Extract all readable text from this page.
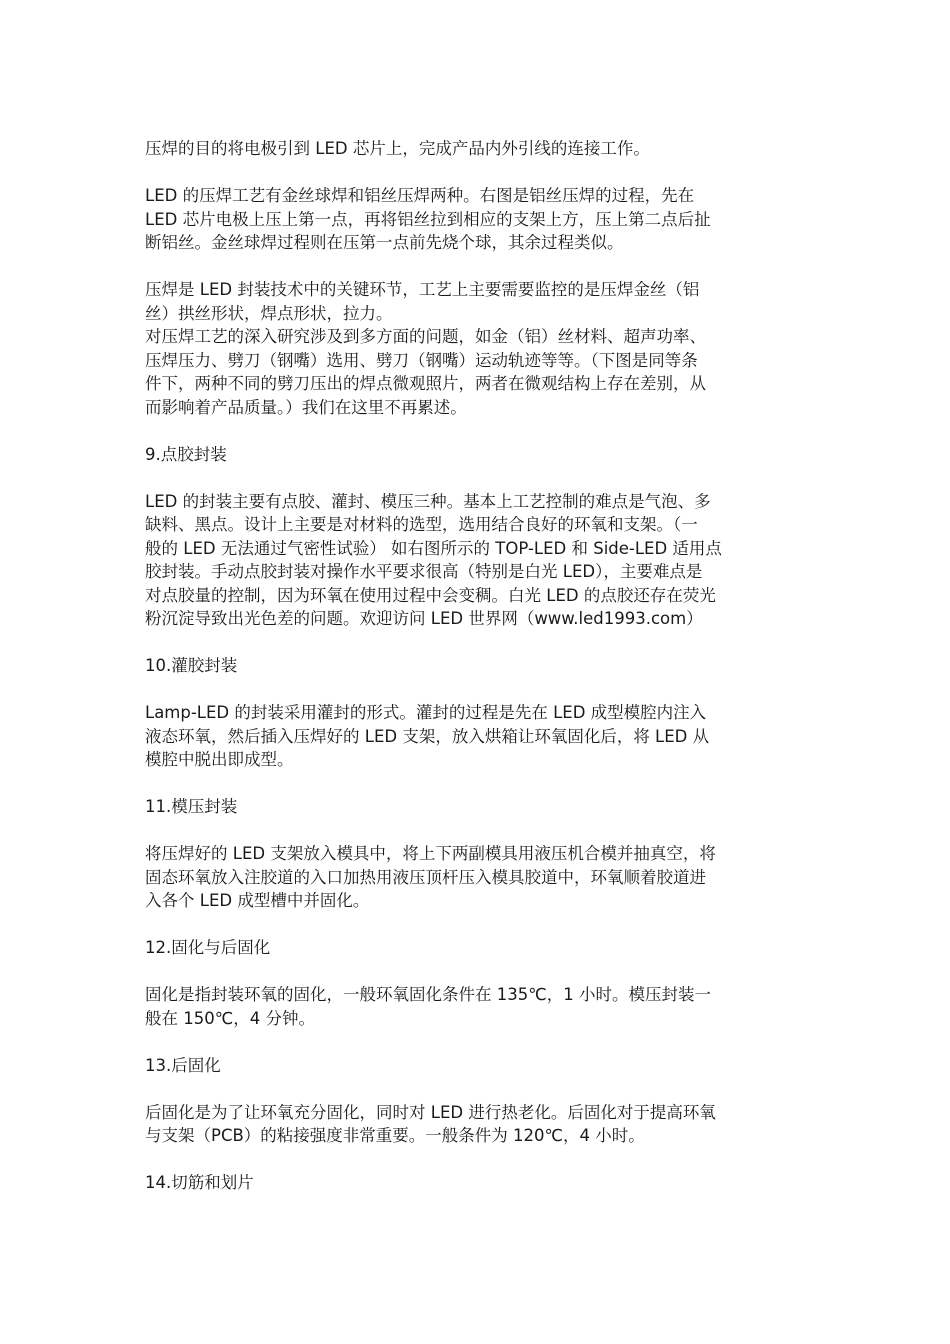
压焊的目的将电极引到 LED 芯片上，完成产品内外引线的连接工作。

LED 的压焊工艺有金丝球焊和铝丝压焊两种。右图是铝丝压焊的过程，先在
LED 芯片电极上压上第一点，再将铝丝拉到相应的支架上方，压上第二点后扯
断铝丝。金丝球焊过程则在压第一点前先烧个球，其余过程类似。

压焊是 LED 封装技术中的关键环节，工艺上主要需要监控的是压焊金丝（铝
丝）拱丝形状，焊点形状，拉力。

对压焊工艺的深入研究涉及到多方面的问题，如金（铝）丝材料、超声功率、
压焊压力、劈刀（钢嘴）选用、劈刀（钢嘴）运动轨迹等等。（下图是同等条
件下，两种不同的劈刀压出的焊点微观照片，两者在微观结构上存在差别，从
而影响着产品质量。）我们在这里不再累述。

9.点胶封装

LED 的封装主要有点胶、灌封、模压三种。基本上工艺控制的难点是气泡、多
缺料、黑点。设计上主要是对材料的选型，选用结合良好的环氧和支架。（一
般的 LED 无法通过气密性试验） 如右图所示的 TOP-LED 和 Side-LED 适用点
胶封装。手动点胶封装对操作水平要求很高（特别是白光 LED），主要难点是
对点胶量的控制，因为环氧在使用过程中会变稠。白光 LED 的点胶还存在荧光
粉沉淀导致出光色差的问题。欢迎访问 LED 世界网（www.led1993.com）

10.灌胶封装

Lamp-LED 的封装采用灌封的形式。灌封的过程是先在 LED 成型模腔内注入
液态环氧，然后插入压焊好的 LED 支架，放入烘箱让环氧固化后，将 LED 从
模腔中脱出即成型。

11.模压封装

将压焊好的 LED 支架放入模具中，将上下两副模具用液压机合模并抽真空，将
固态环氧放入注胶道的入口加热用液压顶杆压入模具胶道中，环氧顺着胶道进
入各个 LED 成型槽中并固化。

12.固化与后固化

固化是指封装环氧的固化，一般环氧固化条件在 135℃，1 小时。模压封装一
般在 150℃，4 分钟。

13.后固化

后固化是为了让环氧充分固化，同时对 LED 进行热老化。后固化对于提高环氧
与支架（PCB）的粘接强度非常重要。一般条件为 120℃，4 小时。

14.切筋和划片
